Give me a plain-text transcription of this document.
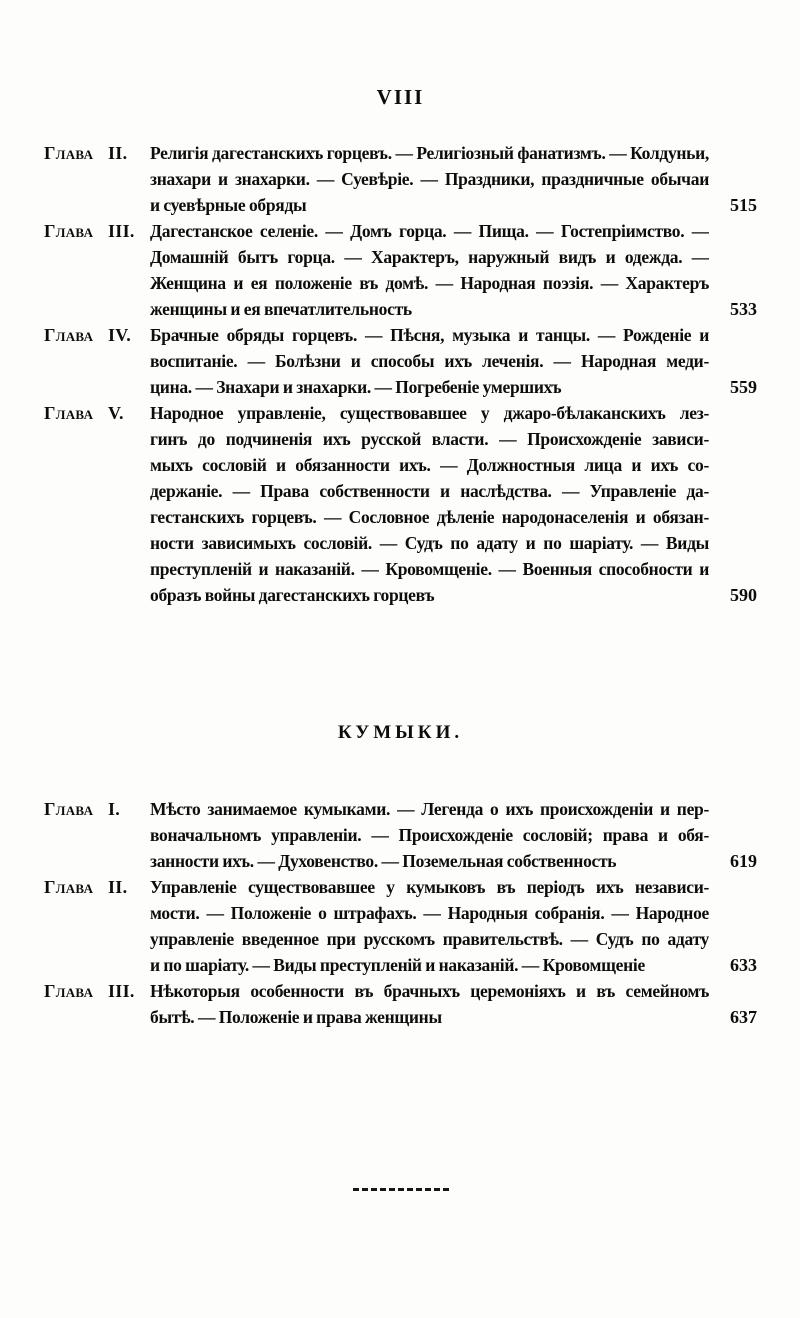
VIII
Глава II.	Религія дагестанскихъ горцевъ. — Религіозный фанатизмъ. — Колдуньи,
знахари и знахарки. — Суевѣріе. — Праздники, праздничные обычаи
и суевѣрные обряды	515
Глава III. Дагестанское селеніе. — Домъ горца. — Пища. — Гостепріимство. —
Домашній бытъ горца. — Характеръ, наружный видъ и одежда. —
Женщина и ея положеніе въ домѣ. — Народная поэзія. — Характеръ
женщины и ея впечатлительность	533
Глава IV.	Брачные обряды горцевъ. — Пѣсня, музыка и танцы. — Рожденіе и
воспитаніе. — Болѣзни и способы ихъ леченія. — Народная меди-
цина. — Знахари и знахарки. — Погребеніе умершихъ	559
Глава V.	Народное управленіе, существовавшее у джаро-бѣлаканскихъ лез-
гинъ до подчиненія ихъ русской власти. — Происхожденіе зависи-
мыхъ сословій и обязанности ихъ. — Должностныя лица и ихъ со-
держаніе. — Права собственности и наслѣдства. — Управленіе да-
гестанскихъ горцевъ. — Сословное дѣленіе народонаселенія и обязан-
ности зависимыхъ сословій. — Судъ по адату и по шаріату. — Виды
преступленій и наказаній. — Кровомщеніе. — Военныя способности и
образъ войны дагестанскихъ горцевъ	590
КУМЫКИ.
Глава I.	Мѣсто занимаемое кумыками. — Легенда о ихъ происхожденіи и пер-
воначальномъ управленіи. — Происхожденіе сословій; права и обя-
занности ихъ. — Духовенство. — Поземельная собственность	619
Глава II.	Управленіе существовавшее у кумыковъ въ періодъ ихъ независи-
мости. — Положеніе о штрафахъ. — Народныя собранія. — Народное
управленіе введенное при русскомъ правительствѣ. — Судъ по адату
и по шаріату. — Виды преступленій и наказаній. — Кровомщеніе	633
Глава III. Нѣкоторыя особенности въ брачныхъ церемоніяхъ и въ семейномъ
бытѣ. — Положеніе и права женщины	637
